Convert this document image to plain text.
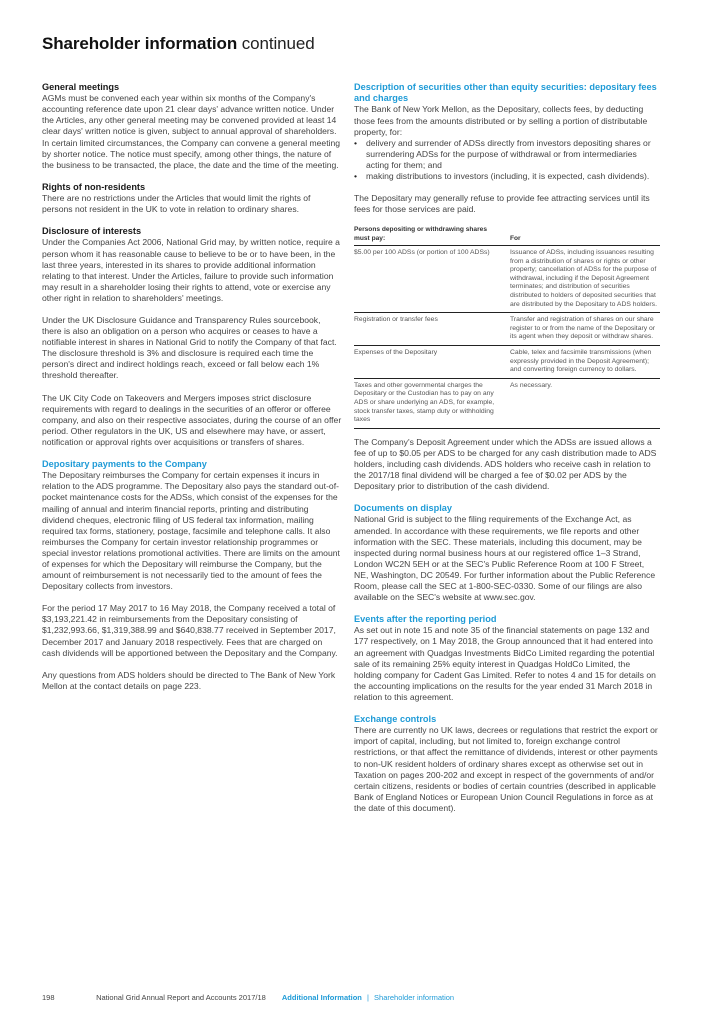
Shareholder information continued
General meetings

AGMs must be convened each year within six months of the Company's accounting reference date upon 21 clear days' advance written notice. Under the Articles, any other general meeting may be convened provided at least 14 clear days' written notice is given, subject to annual approval of shareholders. In certain limited circumstances, the Company can convene a general meeting by shorter notice. The notice must specify, among other things, the nature of the business to be transacted, the place, the date and the time of the meeting.

Rights of non-residents

There are no restrictions under the Articles that would limit the rights of persons not resident in the UK to vote in relation to ordinary shares.

Disclosure of interests

Under the Companies Act 2006, National Grid may, by written notice, require a person whom it has reasonable cause to believe to be or to have been, in the last three years, interested in its shares to provide additional information relating to that interest. Under the Articles, failure to provide such information may result in a shareholder losing their rights to attend, vote or exercise any other right in relation to shareholders' meetings.

Under the UK Disclosure Guidance and Transparency Rules sourcebook, there is also an obligation on a person who acquires or ceases to have a notifiable interest in shares in National Grid to notify the Company of that fact. The disclosure threshold is 3% and disclosure is required each time the person's direct and indirect holdings reach, exceed or fall below each 1% threshold thereafter.

The UK City Code on Takeovers and Mergers imposes strict disclosure requirements with regard to dealings in the securities of an offeror or offeree company, and also on their respective associates, during the course of an offer period. Other regulators in the UK, US and elsewhere may have, or assert, notification or approval rights over acquisitions or transfers of shares.

Depositary payments to the Company

The Depositary reimburses the Company for certain expenses it incurs in relation to the ADS programme. The Depositary also pays the standard out-of-pocket maintenance costs for the ADSs, which consist of the expenses for the mailing of annual and interim financial reports, printing and distributing dividend cheques, electronic filing of US federal tax information, mailing required tax forms, stationery, postage, facsimile and telephone calls. It also reimburses the Company for certain investor relationship programmes or special investor relations promotional activities. There are limits on the amount of expenses for which the Depositary will reimburse the Company, but the amount of reimbursement is not necessarily tied to the amount of fees the Depositary collects from investors.

For the period 17 May 2017 to 16 May 2018, the Company received a total of $3,193,221.42 in reimbursements from the Depositary consisting of $1,232,993.66, $1,319,388.99 and $640,838.77 received in September 2017, December 2017 and January 2018 respectively. Fees that are charged on cash dividends will be apportioned between the Depositary and the Company.

Any questions from ADS holders should be directed to The Bank of New York Mellon at the contact details on page 223.

Description of securities other than equity securities: depositary fees and charges

The Bank of New York Mellon, as the Depositary, collects fees, by deducting those fees from the amounts distributed or by selling a portion of distributable property, for:

• delivery and surrender of ADSs directly from investors depositing shares or surrendering ADSs for the purpose of withdrawal or from intermediaries acting for them; and
• making distributions to investors (including, it is expected, cash dividends).

The Depositary may generally refuse to provide fee attracting services until its fees for those services are paid.

Persons depositing or withdrawing shares must pay:	For
$5.00 per 100 ADSs (or portion of 100 ADSs)	Issuance of ADSs, including issuances resulting from a distribution of shares or rights or other property; cancellation of ADSs for the purpose of withdrawal, including if the Deposit Agreement terminates; and distribution of securities distributed to holders of deposited securities that are distributed by the Depositary to ADS holders.
Registration or transfer fees	Transfer and registration of shares on our share register to or from the name of the Depositary or its agent when they deposit or withdraw shares.
Expenses of the Depositary	Cable, telex and facsimile transmissions (when expressly provided in the Deposit Agreement); and converting foreign currency to dollars.
Taxes and other governmental charges the Depositary or the Custodian has to pay on any ADS or share underlying an ADS, for example, stock transfer taxes, stamp duty or withholding taxes	As necessary.

The Company's Deposit Agreement under which the ADSs are issued allows a fee of up to $0.05 per ADS to be charged for any cash distribution made to ADS holders, including cash dividends. ADS holders who receive cash in relation to the 2017/18 final dividend will be charged a fee of $0.02 per ADS by the Depositary prior to distribution of the cash dividend.

Documents on display

National Grid is subject to the filing requirements of the Exchange Act, as amended. In accordance with these requirements, we file reports and other information with the SEC. These materials, including this document, may be inspected during normal business hours at our registered office 1–3 Strand, London WC2N 5EH or at the SEC's Public Reference Room at 100 F Street, NE, Washington, DC 20549. For further information about the Public Reference Room, please call the SEC at 1-800-SEC-0330. Some of our filings are also available on the SEC's website at www.sec.gov.

Events after the reporting period

As set out in note 15 and note 35 of the financial statements on page 132 and 177 respectively, on 1 May 2018, the Group announced that it had entered into an agreement with Quadgas Investments BidCo Limited regarding the potential sale of its remaining 25% equity interest in Quadgas HoldCo Limited, the holding company for Cadent Gas Limited. Refer to notes 4 and 15 for details on the accounting implications on the results for the year ended 31 March 2018 in relation to this agreement.

Exchange controls

There are currently no UK laws, decrees or regulations that restrict the export or import of capital, including, but not limited to, foreign exchange control restrictions, or that affect the remittance of dividends, interest or other payments to non-UK resident holders of ordinary shares except as otherwise set out in Taxation on pages 200-202 and except in respect of the governments of and/or certain citizens, residents or bodies of certain countries (described in applicable Bank of England Notices or European Union Council Regulations in force as at the date of this document).

198	National Grid Annual Report and Accounts 2017/18 Additional Information | Shareholder information
